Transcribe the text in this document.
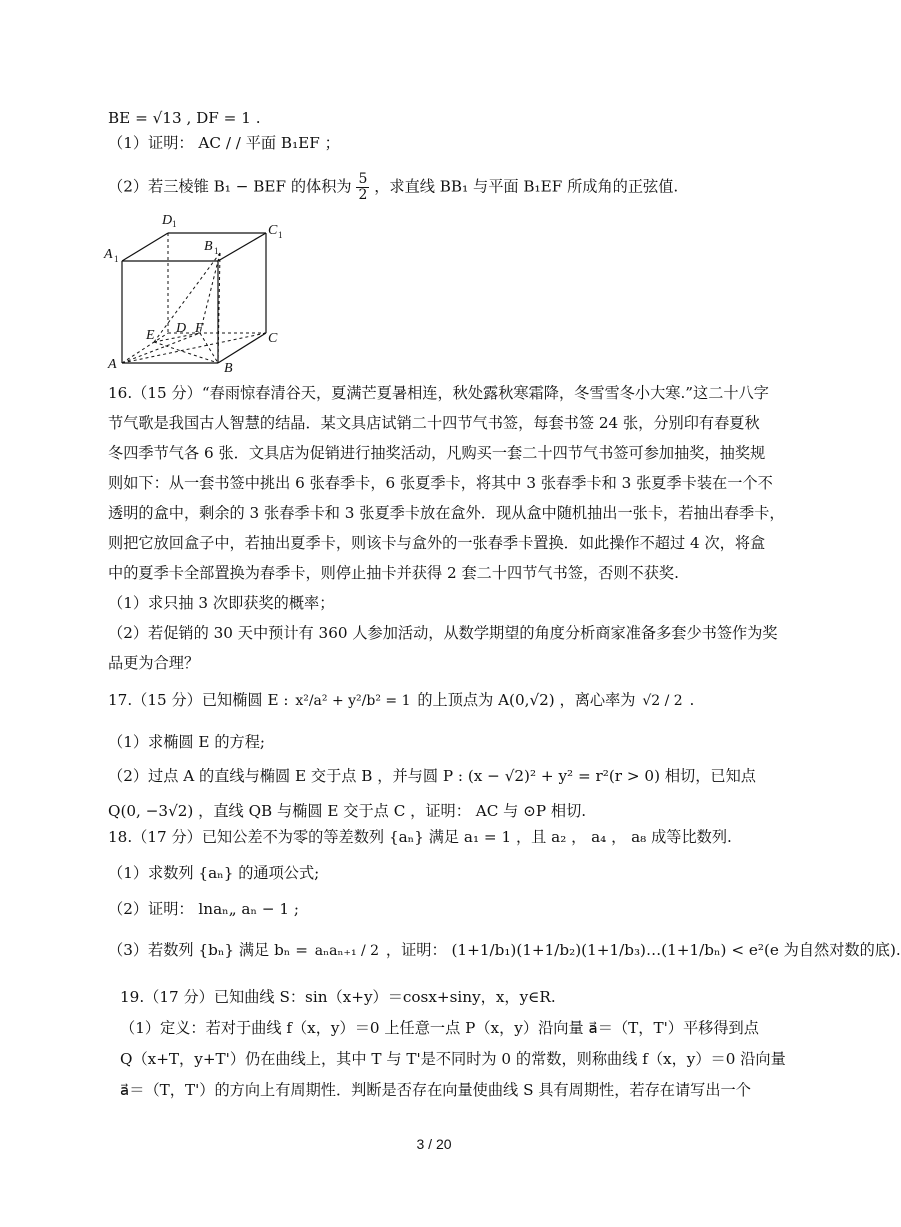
BE = √13 , DF = 1 .
（1）证明： AC / / 平面 B₁EF ；
（2）若三棱锥 B₁ − BEF 的体积为 $\frac{5}{2}$ ，求直线 BB₁ 与平面 B₁EF 所成角的正弦值.
D 1	C 1
A 1
B 1
E D F
C
A	B
16.（15 分）“春雨惊春清谷天，夏满芒夏暑相连，秋处露秋寒霜降，冬雪雪冬小大寒.”这二十八字
节气歌是我国古人智慧的结晶．某文具店试销二十四节气书签，每套书签 24 张，分别印有春夏秋
冬四季节气各 6 张．文具店为促销进行抽奖活动，凡购买一套二十四节气书签可参加抽奖，抽奖规
则如下：从一套书签中挑出 6 张春季卡，6 张夏季卡，将其中 3 张春季卡和 3 张夏季卡装在一个不
透明的盒中，剩余的 3 张春季卡和 3 张夏季卡放在盒外．现从盒中随机抽出一张卡，若抽出春季卡，
则把它放回盒子中，若抽出夏季卡，则该卡与盒外的一张春季卡置换．如此操作不超过 4 次，将盒
中的夏季卡全部置换为春季卡，则停止抽卡并获得 2 套二十四节气书签，否则不获奖.
（1）求只抽 3 次即获奖的概率；
（2）若促销的 30 天中预计有 360 人参加活动，从数学期望的角度分析商家准备多套少书签作为奖
品更为合理？
17.（15 分）已知椭圆 E : x²/a² + y²/b² = 1 的上顶点为 A(0,√2) ，离心率为 √2 / 2 .
（1）求椭圆 E 的方程;
（2）过点 A 的直线与椭圆 E 交于点 B ，并与圆 P : (x − √2)² + y² = r²(r > 0) 相切，已知点
Q(0, −3√2) ，直线 QB 与椭圆 E 交于点 C ，证明： AC 与 ⊙P 相切.
18.（17 分）已知公差不为零的等差数列 {aₙ} 满足 a₁ = 1 ，且 a₂ ， a₄ ， a₈ 成等比数列.
（1）求数列 {aₙ} 的通项公式;
（2）证明： lnaₙ„ aₙ − 1 ;
（3）若数列 {bₙ} 满足 bₙ = aₙaₙ₊₁ / 2 ，证明： (1+1/b₁)(1+1/b₂)(1+1/b₃)…(1+1/bₙ) < e²(e 为自然对数的底).
19.（17 分）已知曲线 S：sin（x+y）＝cosx+siny，x，y∈R.
（1）定义：若对于曲线 f（x，y）＝0 上任意一点 P（x，y）沿向量 a⃗＝（T，T'）平移得到点
Q（x+T，y+T'）仍在曲线上，其中 T 与 T'是不同时为 0 的常数，则称曲线 f（x，y）＝0 沿向量
a⃗＝（T，T'）的方向上有周期性．判断是否存在向量使曲线 S 具有周期性，若存在请写出一个
3 / 20
